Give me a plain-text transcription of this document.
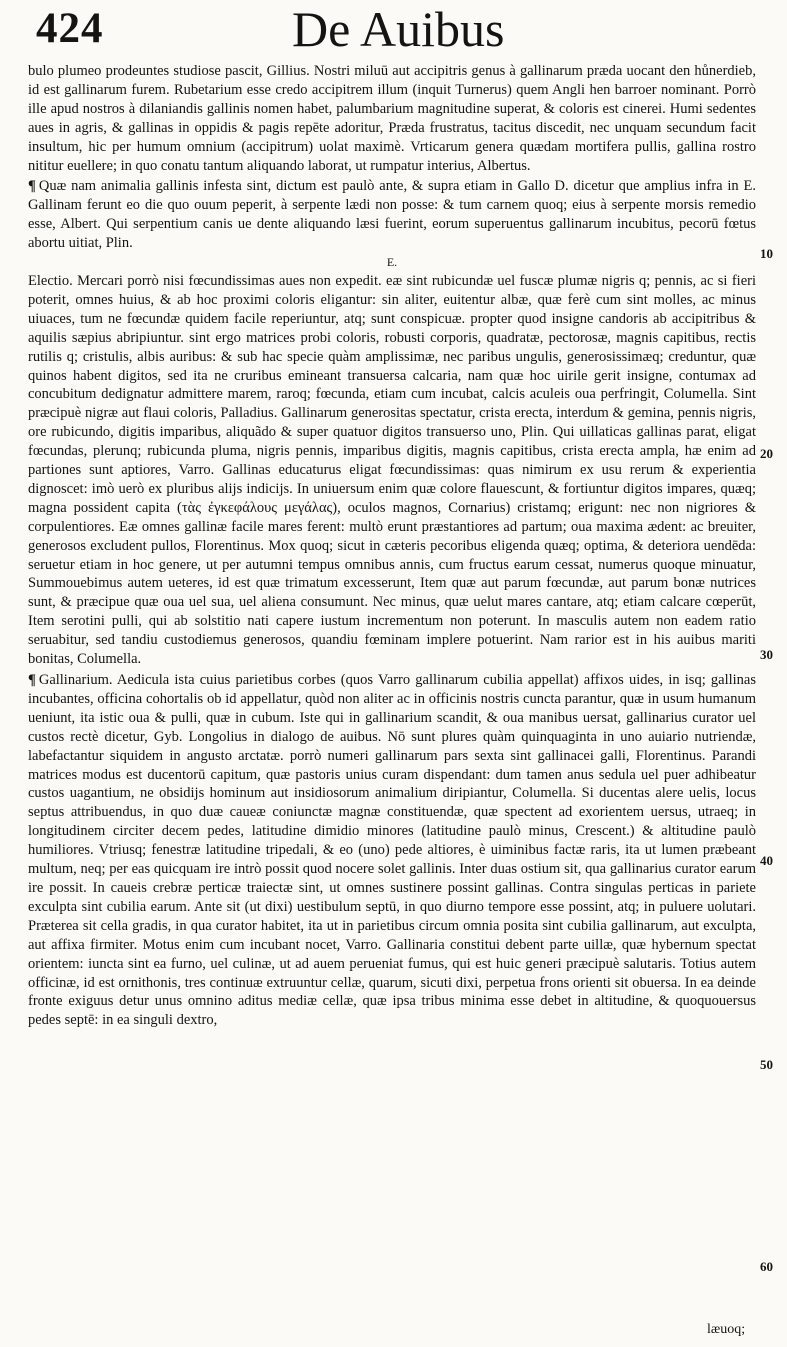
424	De Auibus

bulo plumeo prodeuntes studiose pascit, Gillius. Nostri miluū aut accipitris genus à gallinarum præda uocant den hůnerdieb, id est gallinarum furem. Rubetarium esse credo accipitrem illum (inquit Turnerus) quem Angli hen barroer nominant. Porrò ille apud nostros à dilaniandis gallinis nomen habet, palumbarium magnitudine superat, & coloris est cinerei. Humi sedentes aues in agris, & gallinas in oppidis & pagis repēte adoritur, Præda frustratus, tacitus discedit, nec unquam secundum facit insultum, hic per humum omnium (accipitrum) uolat maximè. Vrticarum genera quædam mortifera pullis, gallina rostro nititur euellere; in quo conatu tantum aliquando laborat, ut rumpatur interius, Albertus.

¶ Quæ nam animalia gallinis infesta sint, dictum est paulò ante, & supra etiam in Gallo D. dicetur que amplius infra in E. Gallinam ferunt eo die quo ouum peperit, à serpente lædi non posse: & tum carnem quoq; eius à serpente morsis remedio esse, Albert. Qui serpentium canis ue dente aliquando læsi fuerint, eorum superuentus gallinarum incubitus, pecorū fœtus abortu uitiat, Plin.

E.

Electio. Mercari porrò nisi fœcundissimas aues non expedit. eæ sint rubicundæ uel fuscæ plumæ nigris q; pennis, ac si fieri poterit, omnes huius, & ab hoc proximi coloris eligantur: sin aliter, euitentur albæ, quæ ferè cum sint molles, ac minus uiuaces, tum ne fœcundæ quidem facile reperiuntur, atq; sunt conspicuæ. propter quod insigne candoris ab accipitribus & aquilis sæpius abripiuntur. sint ergo matrices probi coloris, robusti corporis, quadratæ, pectorosæ, magnis capitibus, rectis rutilis q; cristulis, albis auribus: & sub hac specie quàm amplissimæ, nec paribus ungulis, generosissimæq; creduntur, quæ quinos habent digitos, sed ita ne cruribus emineant transuersa calcaria, nam quæ hoc uirile gerit insigne, contumax ad concubitum dedignatur admittere marem, raroq; fœcunda, etiam cum incubat, calcis aculeis oua perfringit, Columella. Sint præcipuè nigræ aut flaui coloris, Palladius. Gallinarum generositas spectatur, crista erecta, interdum & gemina, pennis nigris, ore rubicundo, digitis imparibus, aliquãdo & super quatuor digitos transuerso uno, Plin. Qui uillaticas gallinas parat, eligat fœcundas, plerunq; rubicunda pluma, nigris pennis, imparibus digitis, magnis capitibus, crista erecta ampla, hæ enim ad partiones sunt aptiores, Varro. Gallinas educaturus eligat fœcundissimas: quas nimirum ex usu rerum & experientia dignoscet: imò uerò ex pluribus alijs indicijs. In uniuersum enim quæ colore flauescunt, & fortiuntur digitos impares, quæq; magna possident capita (τὰς ἐγκεφάλους μεγάλας), oculos magnos, Cornarius) cristamq; erigunt: nec non nigriores & corpulentiores. Eæ omnes gallinæ facile mares ferent: multò erunt præstantiores ad partum; oua maxima ædent: ac breuiter, generosos excludent pullos, Florentinus. Mox quoq; sicut in cæteris pecoribus eligenda quæq; optima, & deteriora uendēda: seruetur etiam in hoc genere, ut per autumni tempus omnibus annis, cum fructus earum cessat, numerus quoque minuatur, Summouebimus autem ueteres, id est quæ trimatum excesserunt, Item quæ aut parum fœcundæ, aut parum bonæ nutrices sunt, & præcipue quæ oua uel sua, uel aliena consumunt. Nec minus, quæ uelut mares cantare, atq; etiam calcare cœperūt, Item serotini pulli, qui ab solstitio nati capere iustum incrementum non poterunt. In masculis autem non eadem ratio seruabitur, sed tandiu custodiemus generosos, quandiu fœminam implere potuerint. Nam rarior est in his auibus mariti bonitas, Columella.

¶ Gallinarium. Aedicula ista cuius parietibus corbes (quos Varro gallinarum cubilia appellat) affixos uides, in isq; gallinas incubantes, officina cohortalis ob id appellatur, quòd non aliter ac in officinis nostris cuncta parantur, quæ in usum humanum ueniunt, ita istic oua & pulli, quæ in cubum. Iste qui in gallinarium scandit, & oua manibus uersat, gallinarius curator uel custos rectè dicetur, Gyb. Longolius in dialogo de auibus. Nō sunt plures quàm quinquaginta in uno auiario nutriendæ, labefactantur siquidem in angusto arctatæ. porrò numeri gallinarum pars sexta sint gallinacei galli, Florentinus. Parandi matrices modus est ducentorū capitum, quæ pastoris unius curam dispendant: dum tamen anus sedula uel puer adhibeatur custos uagantium, ne obsidijs hominum aut insidiosorum animalium diripiantur, Columella. Si ducentas alere uelis, locus septus attribuendus, in quo duæ caueæ coniunctæ magnæ constituendæ, quæ spectent ad exorientem uersus, utraeq; in longitudinem circiter decem pedes, latitudine dimidio minores (latitudine paulò minus, Crescent.) & altitudine paulò humiliores. Vtriusq; fenestræ latitudine tripedali, & eo (uno) pede altiores, è uiminibus factæ raris, ita ut lumen præbeant multum, neq; per eas quicquam ire intrò possit quod nocere solet gallinis. Inter duas ostium sit, qua gallinarius curator earum ire possit. In caueis crebræ perticæ traiectæ sint, ut omnes sustinere possint gallinas. Contra singulas perticas in pariete exculpta sint cubilia earum. Ante sit (ut dixi) uestibulum septū, in quo diurno tempore esse possint, atq; in puluere uolutari. Præterea sit cella gradis, in qua curator habitet, ita ut in parietibus circum omnia posita sint cubilia gallinarum, aut exculpta, aut affixa firmiter. Motus enim cum incubant nocet, Varro. Gallinaria constitui debent parte uillæ, quæ hybernum spectat orientem: iuncta sint ea furno, uel culinæ, ut ad auem perueniat fumus, qui est huic generi præcipuè salutaris. Totius autem officinæ, id est ornithonis, tres continuæ extruuntur cellæ, quarum, sicuti dixi, perpetua frons orienti sit obuersa. In ea deinde fronte exiguus detur unus omnino aditus mediæ cellæ, quæ ipsa tribus minima esse debet in altitudine, & quoquouersus pedes septē: in ea singuli dextro,

10
20
30
40
50
60
læuoq;
